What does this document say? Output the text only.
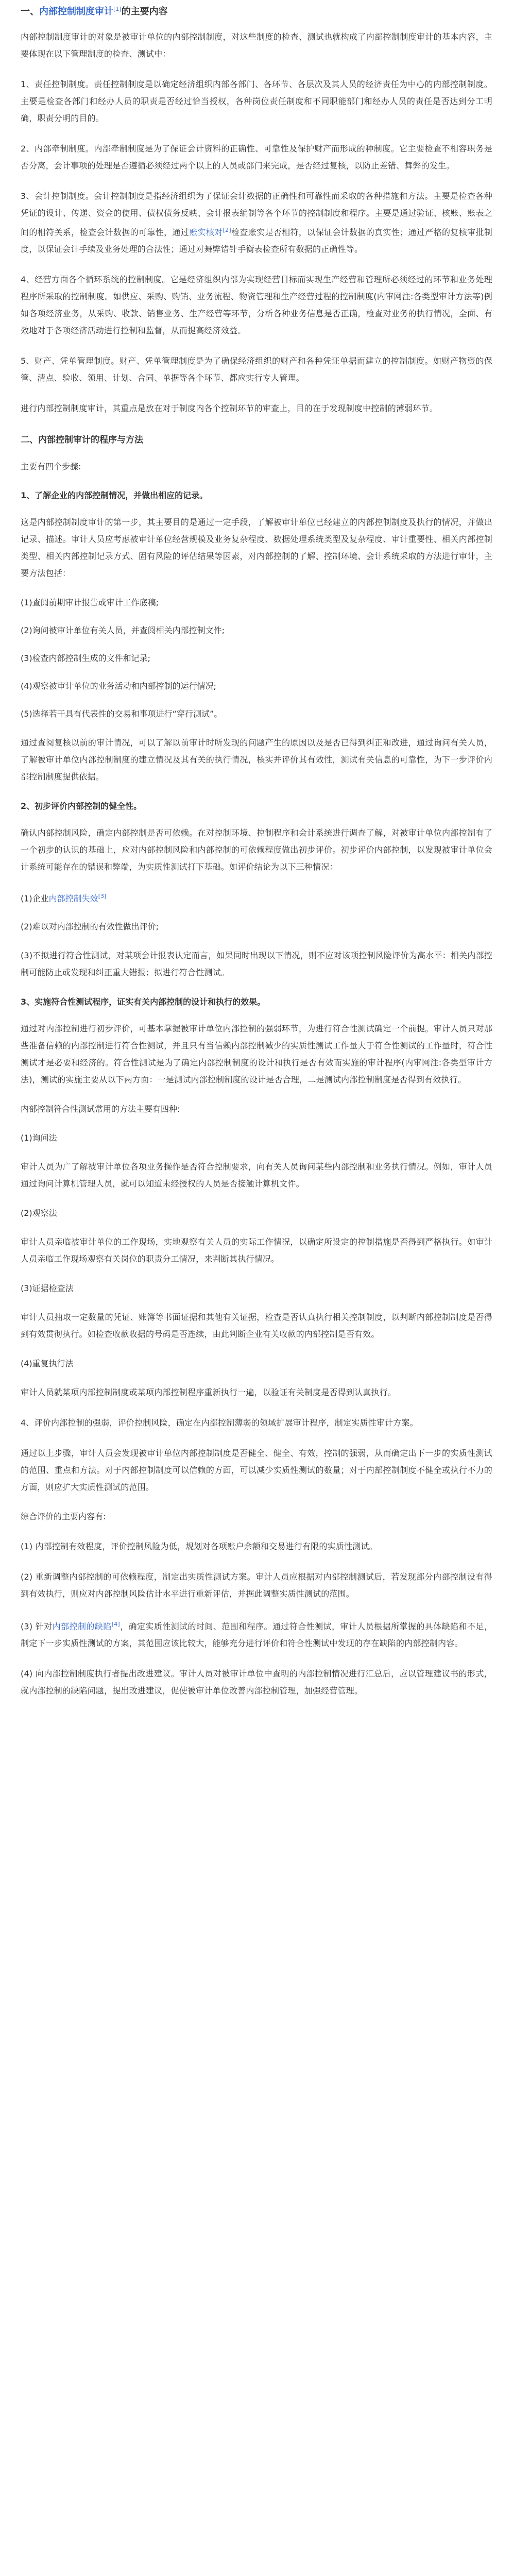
一、内部控制制度审计[1]的主要内容

内部控制制度审计的对象是被审计单位的内部控制制度，对这些制度的检查、测试也就构成了内部控制制度审计的基本内容，主要体现在以下管理制度的检查、测试中：

1、责任控制制度。责任控制制度是以确定经济组织内部各部门、各环节、各层次及其人员的经济责任为中心的内部控制制度。主要是检查各部门和经办人员的职责是否经过恰当授权，各种岗位责任制度和不同职能部门和经办人员的责任是否达到分工明确，职责分明的目的。

2、内部牵制制度。内部牵制制度是为了保证会计资料的正确性、可靠性及保护财产而形成的种制度。它主要检查不相容职务是否分离，会计事项的处理是否遵循必须经过两个以上的人员或部门来完成，是否经过复核，以防止差错、舞弊的发生。

3、会计控制制度。会计控制制度是指经济组织为了保证会计数据的正确性和可靠性而采取的各种措施和方法。主要是检查各种凭证的设计、传递、资金的使用、债权债务反映、会计报表编制等各个环节的控制制度和程序。主要是通过验证、核账、账表之间的相符关系，检查会计数据的可靠性，通过账实核对[2]检查账实是否相符，以保证会计数据的真实性；通过严格的复核审批制度，以保证会计手续及业务处理的合法性；通过对舞弊错针手衡表检查所有数据的正确性等。

4、经营方面各个循环系统的控制制度。它是经济组织内部为实现经营目标而实现生产经营和管理所必须经过的环节和业务处理程序所采取的控制制度。如供应、采购、购销、业务流程、物资管理和生产经营过程的控制制度(内审网注:各类型审计方法等)例如各项经济业务，从采购、收款、销售业务、生产经营等环节，分析各种业务信息是否正确，检查对业务的执行情况，全面、有效地对于各项经济活动进行控制和监督，从而提高经济效益。

5、财产、凭单管理制度。财产、凭单管理制度是为了确保经济组织的财产和各种凭证单据而建立的控制制度。如财产物资的保管、清点、验收、领用、计划、合同、单据等各个环节、都应实行专人管理。

进行内部控制制度审计，其重点是放在对于制度内各个控制环节的审查上，目的在于发现制度中控制的薄弱环节。

二、内部控制审计的程序与方法

主要有四个步骤:

1、了解企业的内部控制情况，并做出相应的记录。

这是内部控制制度审计的第一步，其主要目的是通过一定手段，了解被审计单位已经建立的内部控制制度及执行的情况，并做出记录、描述。审计人员应考虑被审计单位经营规模及业务复杂程度、数据处理系统类型及复杂程度、审计重要性、相关内部控制类型、相关内部控制记录方式、固有风险的评估结果等因素，对内部控制的了解、控制环境、会计系统采取的方法进行审计，主要方法包括：

(1)查阅前期审计报告或审计工作底稿;
(2)询问被审计单位有关人员，并查阅相关内部控制文件;
(3)检查内部控制生成的文件和记录;
(4)观察被审计单位的业务活动和内部控制的运行情况;
(5)选择若干具有代表性的交易和事项进行“穿行测试”。

通过查阅复核以前的审计情况，可以了解以前审计时所发现的问题产生的原因以及是否已得到纠正和改进，通过询问有关人员，了解被审计单位内部控制制度的建立情况及其有关的执行情况，核实并评价其有效性，测试有关信息的可靠性，为下一步评价内部控制制度提供依据。

2、初步评价内部控制的健全性。

确认内部控制风险，确定内部控制是否可依赖。在对控制环境、控制程序和会计系统进行调查了解，对被审计单位内部控制有了一个初步的认识的基础上，应对内部控制风险和内部控制的可依赖程度做出初步评价。初步评价内部控制，以发现被审计单位会计系统可能存在的错误和弊端，为实质性测试打下基础。如评价结论为以下三种情况：

(1)企业内部控制失效[3]
(2)难以对内部控制的有效性做出评价;

(3)不拟进行符合性测试，对某项会计报表认定而言，如果同时出现以下情况，则不应对该项控制风险评价为高水平：相关内部控制可能防止或发现和纠正重大错报；拟进行符合性测试。

3、实施符合性测试程序，证实有关内部控制的设计和执行的效果。

通过对内部控制进行初步评价，可基本掌握被审计单位内部控制的强弱环节，为进行符合性测试确定一个前提。审计人员只对那些准备信赖的内部控制进行符合性测试，并且只有当信赖内部控制减少的实质性测试工作量大于符合性测试的工作量时，符合性测试才是必要和经济的。符合性测试是为了确定内部控制制度的设计和执行是否有效而实施的审计程序(内审网注:各类型审计方法)，测试的实施主要从以下两方面：一是测试内部控制制度的设计是否合理，二是测试内部控制制度是否得到有效执行。

内部控制符合性测试常用的方法主要有四种:

(1)询问法

审计人员为广了解被审计单位各项业务操作是否符合控制要求，向有关人员询问某些内部控制和业务执行情况。例如，审计人员通过询问计算机管理人员，就可以知道未经授权的人员是否接触计算机文件。

(2)观察法

审计人员亲临被审计单位的工作现场，实地观察有关人员的实际工作情况，以确定所设定的控制措施是否得到严格执行。如审计人员亲临工作现场观察有关岗位的职责分工情况，来判断其执行情况。

(3)证据检查法

审计人员抽取一定数量的凭证、账簿等书面证据和其他有关证据，检查是否认真执行相关控制制度，以判断内部控制制度是否得到有效贯彻执行。如检查收款收据的号码是否连续，由此判断企业有关收款的内部控制是否有效。

(4)重复执行法

审计人员就某项内部控制制度或某项内部控制程序重新执行一遍，以验证有关制度是否得到认真执行。

4、评价内部控制的强弱，评价控制风险，确定在内部控制薄弱的领域扩展审计程序，制定实质性审计方案。

通过以上步骤，审计人员会发现被审计单位内部控制制度是否健全、健全、有效，控制的强弱，从而确定出下一步的实质性测试的范围、重点和方法。对于内部控制制度可以信赖的方面，可以减少实质性测试的数量；对于内部控制制度不健全或执行不力的方面，则应扩大实质性测试的范围。

综合评价的主要内容有:

(1) 内部控制有效程度，评价控制风险为低，规划对各项账户余额和交易进行有限的实质性测试。

(2) 重新调整内部控制的可依赖程度，制定出实质性测试方案。审计人员应根据对内部控制测试后，若发现部分内部控制设有得到有效执行，则应对内部控制风险估计水平进行重新评估，并据此调整实质性测试的范围。

(3) 针对内部控制的缺陷[4]，确定实质性测试的时间、范围和程序。通过符合性测试，审计人员根据所掌握的具体缺陷和不足，制定下一步实质性测试的方案，其范围应该比较大，能够充分进行评价和符合性测试中发现的存在缺陷的内部控制内容。

(4) 向内部控制制度执行者提出改进建议。审计人员对被审计单位中查明的内部控制情况进行汇总后，应以管理建议书的形式，就内部控制的缺陷问题，提出改进建议，促使被审计单位改善内部控制管理，加强经营管理。
